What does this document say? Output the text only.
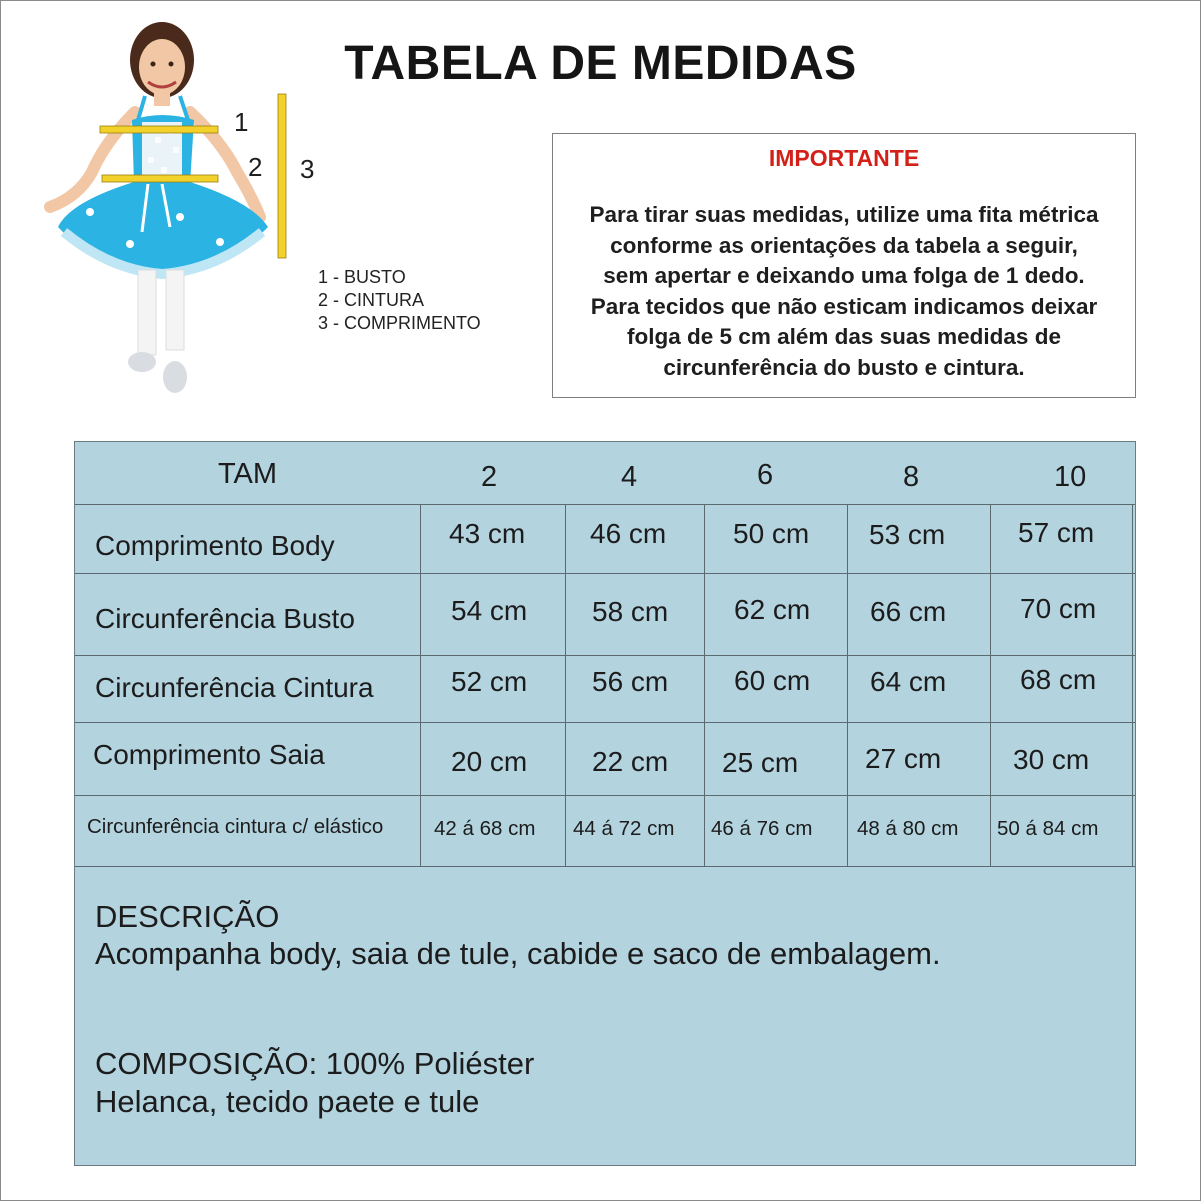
TABELA DE MEDIDAS
1
2 3
1 - BUSTO
2 - CINTURA
3 - COMPRIMENTO
IMPORTANTE
Para tirar suas medidas, utilize uma fita métrica
conforme as orientações da tabela a seguir,
sem apertar e deixando uma folga de 1 dedo.
Para tecidos que não esticam indicamos deixar
folga de 5 cm além das suas medidas de
circunferência do busto e cintura.
TAM	2	4	6	8	10
Comprimento Body	43 cm 46 cm 50 cm 53 cm	57 cm
Circunferência Busto	54 cm 58 cm 62 cm 66 cm	70 cm
Circunferência Cintura	52 cm 56 cm 60 cm 64 cm	68 cm
Comprimento Saia	20 cm 22 cm 25 cm 27 cm	30 cm
Circunferência cintura c/ elástico 42 á 68 cm 44 á 72 cm 46 á 76 cm 48 á 80 cm 50 á 84 cm
DESCRIÇÃO
Acompanha body, saia de tule, cabide e saco de embalagem.
COMPOSIÇÃO: 100% Poliéster
Helanca, tecido paete e tule
